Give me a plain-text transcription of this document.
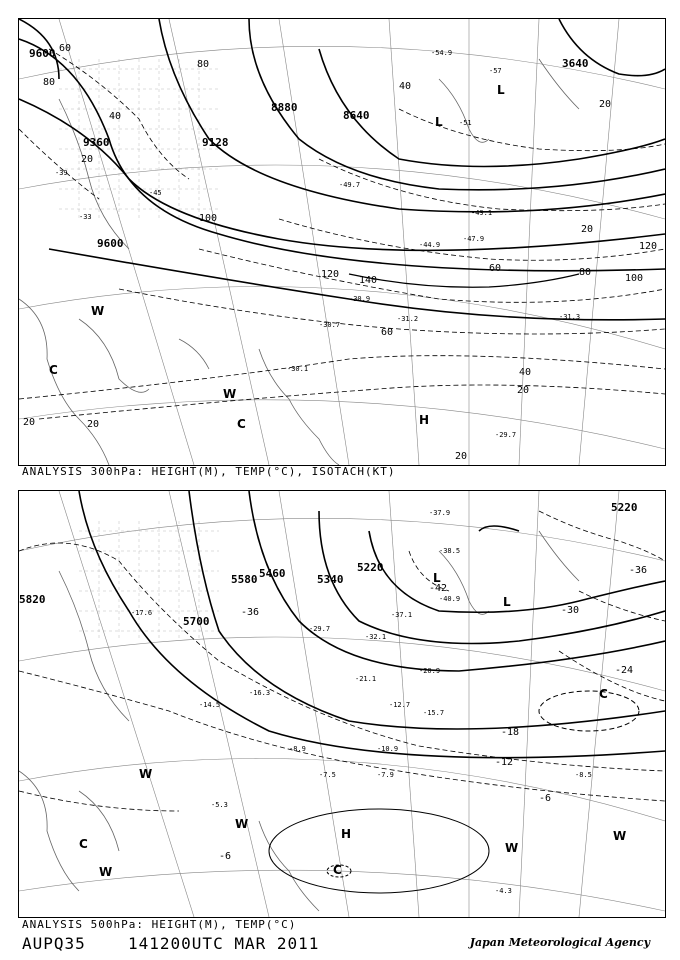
9600
9360	9128
8880
8640
3640
9600
60
80
40
20
80
100
120
140
60
40
20
60	80
100
120
20
20
20
40
20
20
-54.9
-57
-49.7
-51
-45
-39
-33
-31.3
-30.7
-31.2
-29.7
-30.1
-44.9
-47.9
-49.1
-30.9
L
L
H
C
C
W
W
ANALYSIS 300hPa: HEIGHT(M), TEMP(°C), ISOTACH(KT)
5220
5220
5340
5460
5580
5700
5820
-42
-36	-30
-24
-18
-12
-6
-6
-36
-37.9
-38.5
-40.9
-37.1
-32.1
-29.7
-20.9
-15.7
-12.7
-8.9	-10.9
-7.5	-7.9	-8.5
-5.3
-4.3
-17.6
-16.3
-14.5
-21.1
L
L
H
C
C
C
W
W
W
W
W
ANALYSIS 500hPa: HEIGHT(M), TEMP(°C)
AUPQ35	141200UTC MAR 2011	Japan Meteorological Agency
